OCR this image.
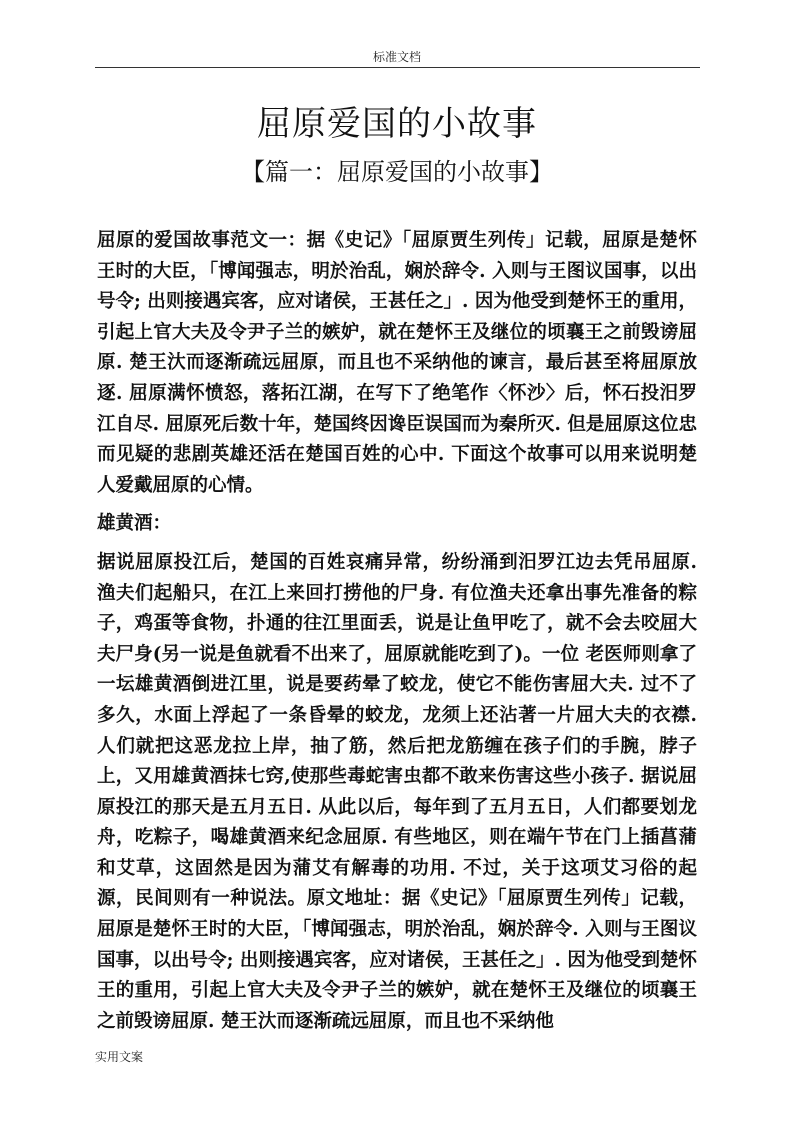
标准文档
屈原爱国的小故事
【篇一：屈原爱国的小故事】

屈原的爱国故事范文一：据《史记》「屈原贾生列传」记载，屈原是楚怀王时的大臣，「博闻强志，明於治乱，娴於辞令. 入则与王图议国事，以出号令; 出则接遇宾客，应对诸侯，王甚任之」. 因为他受到楚怀王的重用，引起上官大夫及令尹子兰的嫉妒，就在楚怀王及继位的顷襄王之前毁谤屈原. 楚王汏而逐渐疏远屈原，而且也不采纳他的谏言，最后甚至将屈原放逐. 屈原满怀愤怒，落拓江湖，在写下了绝笔作〈怀沙〉后，怀石投汨罗江自尽. 屈原死后数十年，楚国终因谗臣误国而为秦所灭. 但是屈原这位忠而见疑的悲剧英雄还活在楚国百姓的心中. 下面这个故事可以用来说明楚人爱戴屈原的心情。

雄黄酒：

据说屈原投江后，楚国的百姓哀痛异常，纷纷涌到汨罗江边去凭吊屈原. 渔夫们起船只，在江上来回打捞他的尸身. 有位渔夫还拿出事先准备的粽子，鸡蛋等食物，扑通的往江里面丢，说是让鱼甲吃了，就不会去咬屈大夫尸身(另一说是鱼就看不出来了，屈原就能吃到了)。一位 老医师则拿了一坛雄黄酒倒进江里，说是要药晕了蛟龙，使它不能伤害屈大夫. 过不了多久，水面上浮起了一条昏晕的蛟龙，龙须上还沾著一片屈大夫的衣襟. 人们就把这恶龙拉上岸，抽了筋，然后把龙筋缠在孩子们的手腕，脖子上，又用雄黄酒抹七窍,使那些毒蛇害虫都不敢来伤害这些小孩子. 据说屈原投江的那天是五月五日. 从此以后，每年到了五月五日，人们都要划龙舟，吃粽子，喝雄黄酒来纪念屈原. 有些地区，则在端午节在门上插菖蒲和艾草，这固然是因为蒲艾有解毒的功用. 不过，关于这项艾习俗的起源，民间则有一种说法。原文地址：据《史记》「屈原贾生列传」记载，屈原是楚怀王时的大臣，「博闻强志，明於治乱，娴於辞令. 入则与王图议国事，以出号令; 出则接遇宾客，应对诸侯，王甚任之」. 因为他受到楚怀王的重用，引起上官大夫及令尹子兰的嫉妒，就在楚怀王及继位的顷襄王之前毁谤屈原. 楚王汏而逐渐疏远屈原，而且也不采纳他

实用文案
